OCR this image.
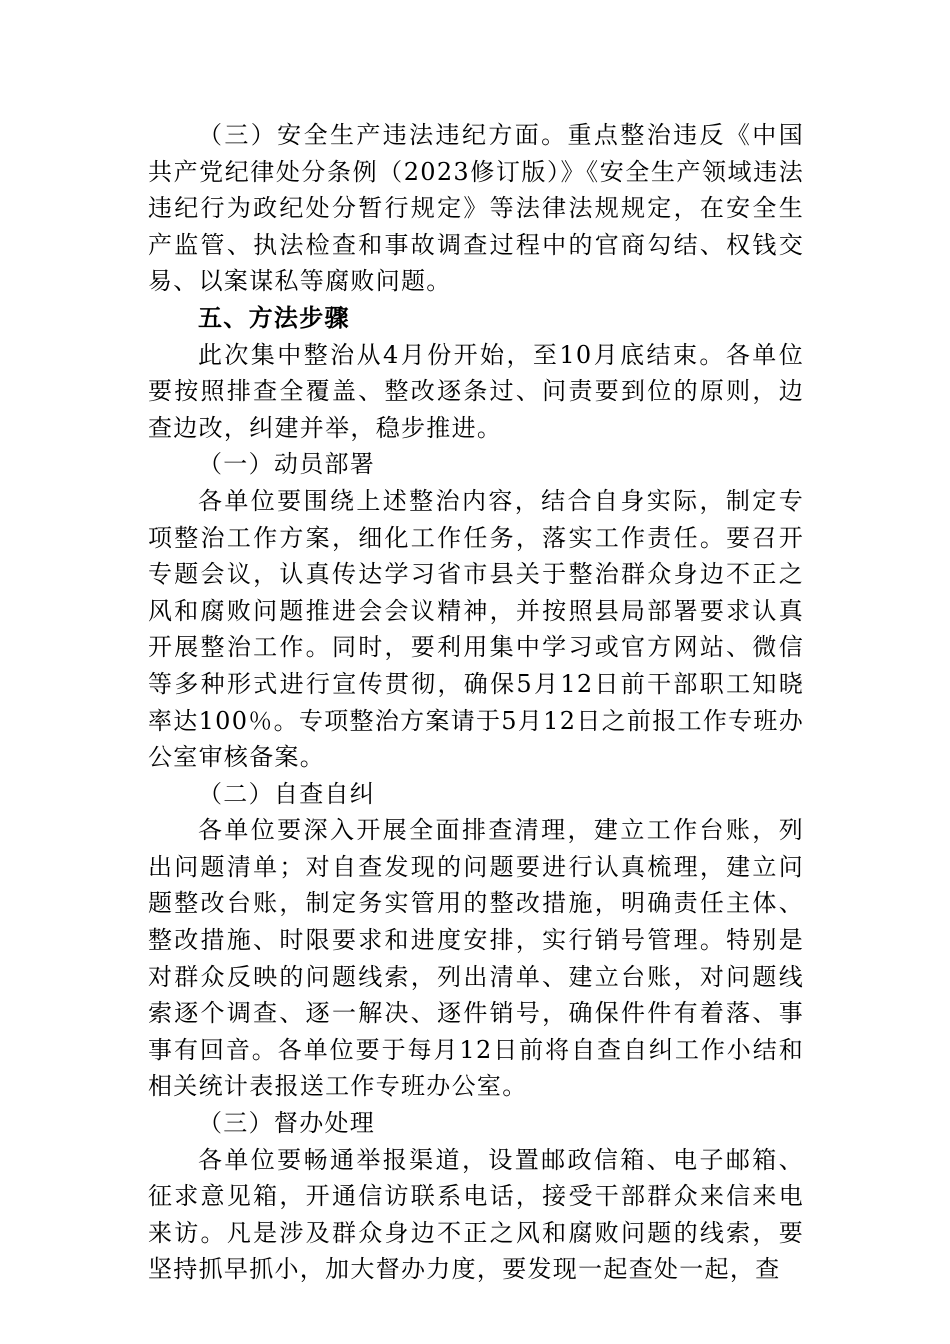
（三）安全生产违法违纪方面。重点整治违反《中国共产党纪律处分条例（2023修订版）》《安全生产领域违法违纪行为政纪处分暂行规定》等法律法规规定，在安全生产监管、执法检查和事故调查过程中的官商勾结、权钱交易、以案谋私等腐败问题。

五、方法步骤

此次集中整治从4月份开始，至10月底结束。各单位要按照排查全覆盖、整改逐条过、问责要到位的原则，边查边改，纠建并举，稳步推进。

（一）动员部署

各单位要围绕上述整治内容，结合自身实际，制定专项整治工作方案，细化工作任务，落实工作责任。要召开专题会议，认真传达学习省市县关于整治群众身边不正之风和腐败问题推进会会议精神，并按照县局部署要求认真开展整治工作。同时，要利用集中学习或官方网站、微信等多种形式进行宣传贯彻，确保5月12日前干部职工知晓率达100％。专项整治方案请于5月12日之前报工作专班办公室审核备案。

（二）自查自纠

各单位要深入开展全面排查清理，建立工作台账，列出问题清单；对自查发现的问题要进行认真梳理，建立问题整改台账，制定务实管用的整改措施，明确责任主体、整改措施、时限要求和进度安排，实行销号管理。特别是对群众反映的问题线索，列出清单、建立台账，对问题线索逐个调查、逐一解决、逐件销号，确保件件有着落、事事有回音。各单位要于每月12日前将自查自纠工作小结和相关统计表报送工作专班办公室。

（三）督办处理

各单位要畅通举报渠道，设置邮政信箱、电子邮箱、征求意见箱，开通信访联系电话，接受干部群众来信来电来访。凡是涉及群众身边不正之风和腐败问题的线索，要坚持抓早抓小，加大督办力度，要发现一起查处一起，查
